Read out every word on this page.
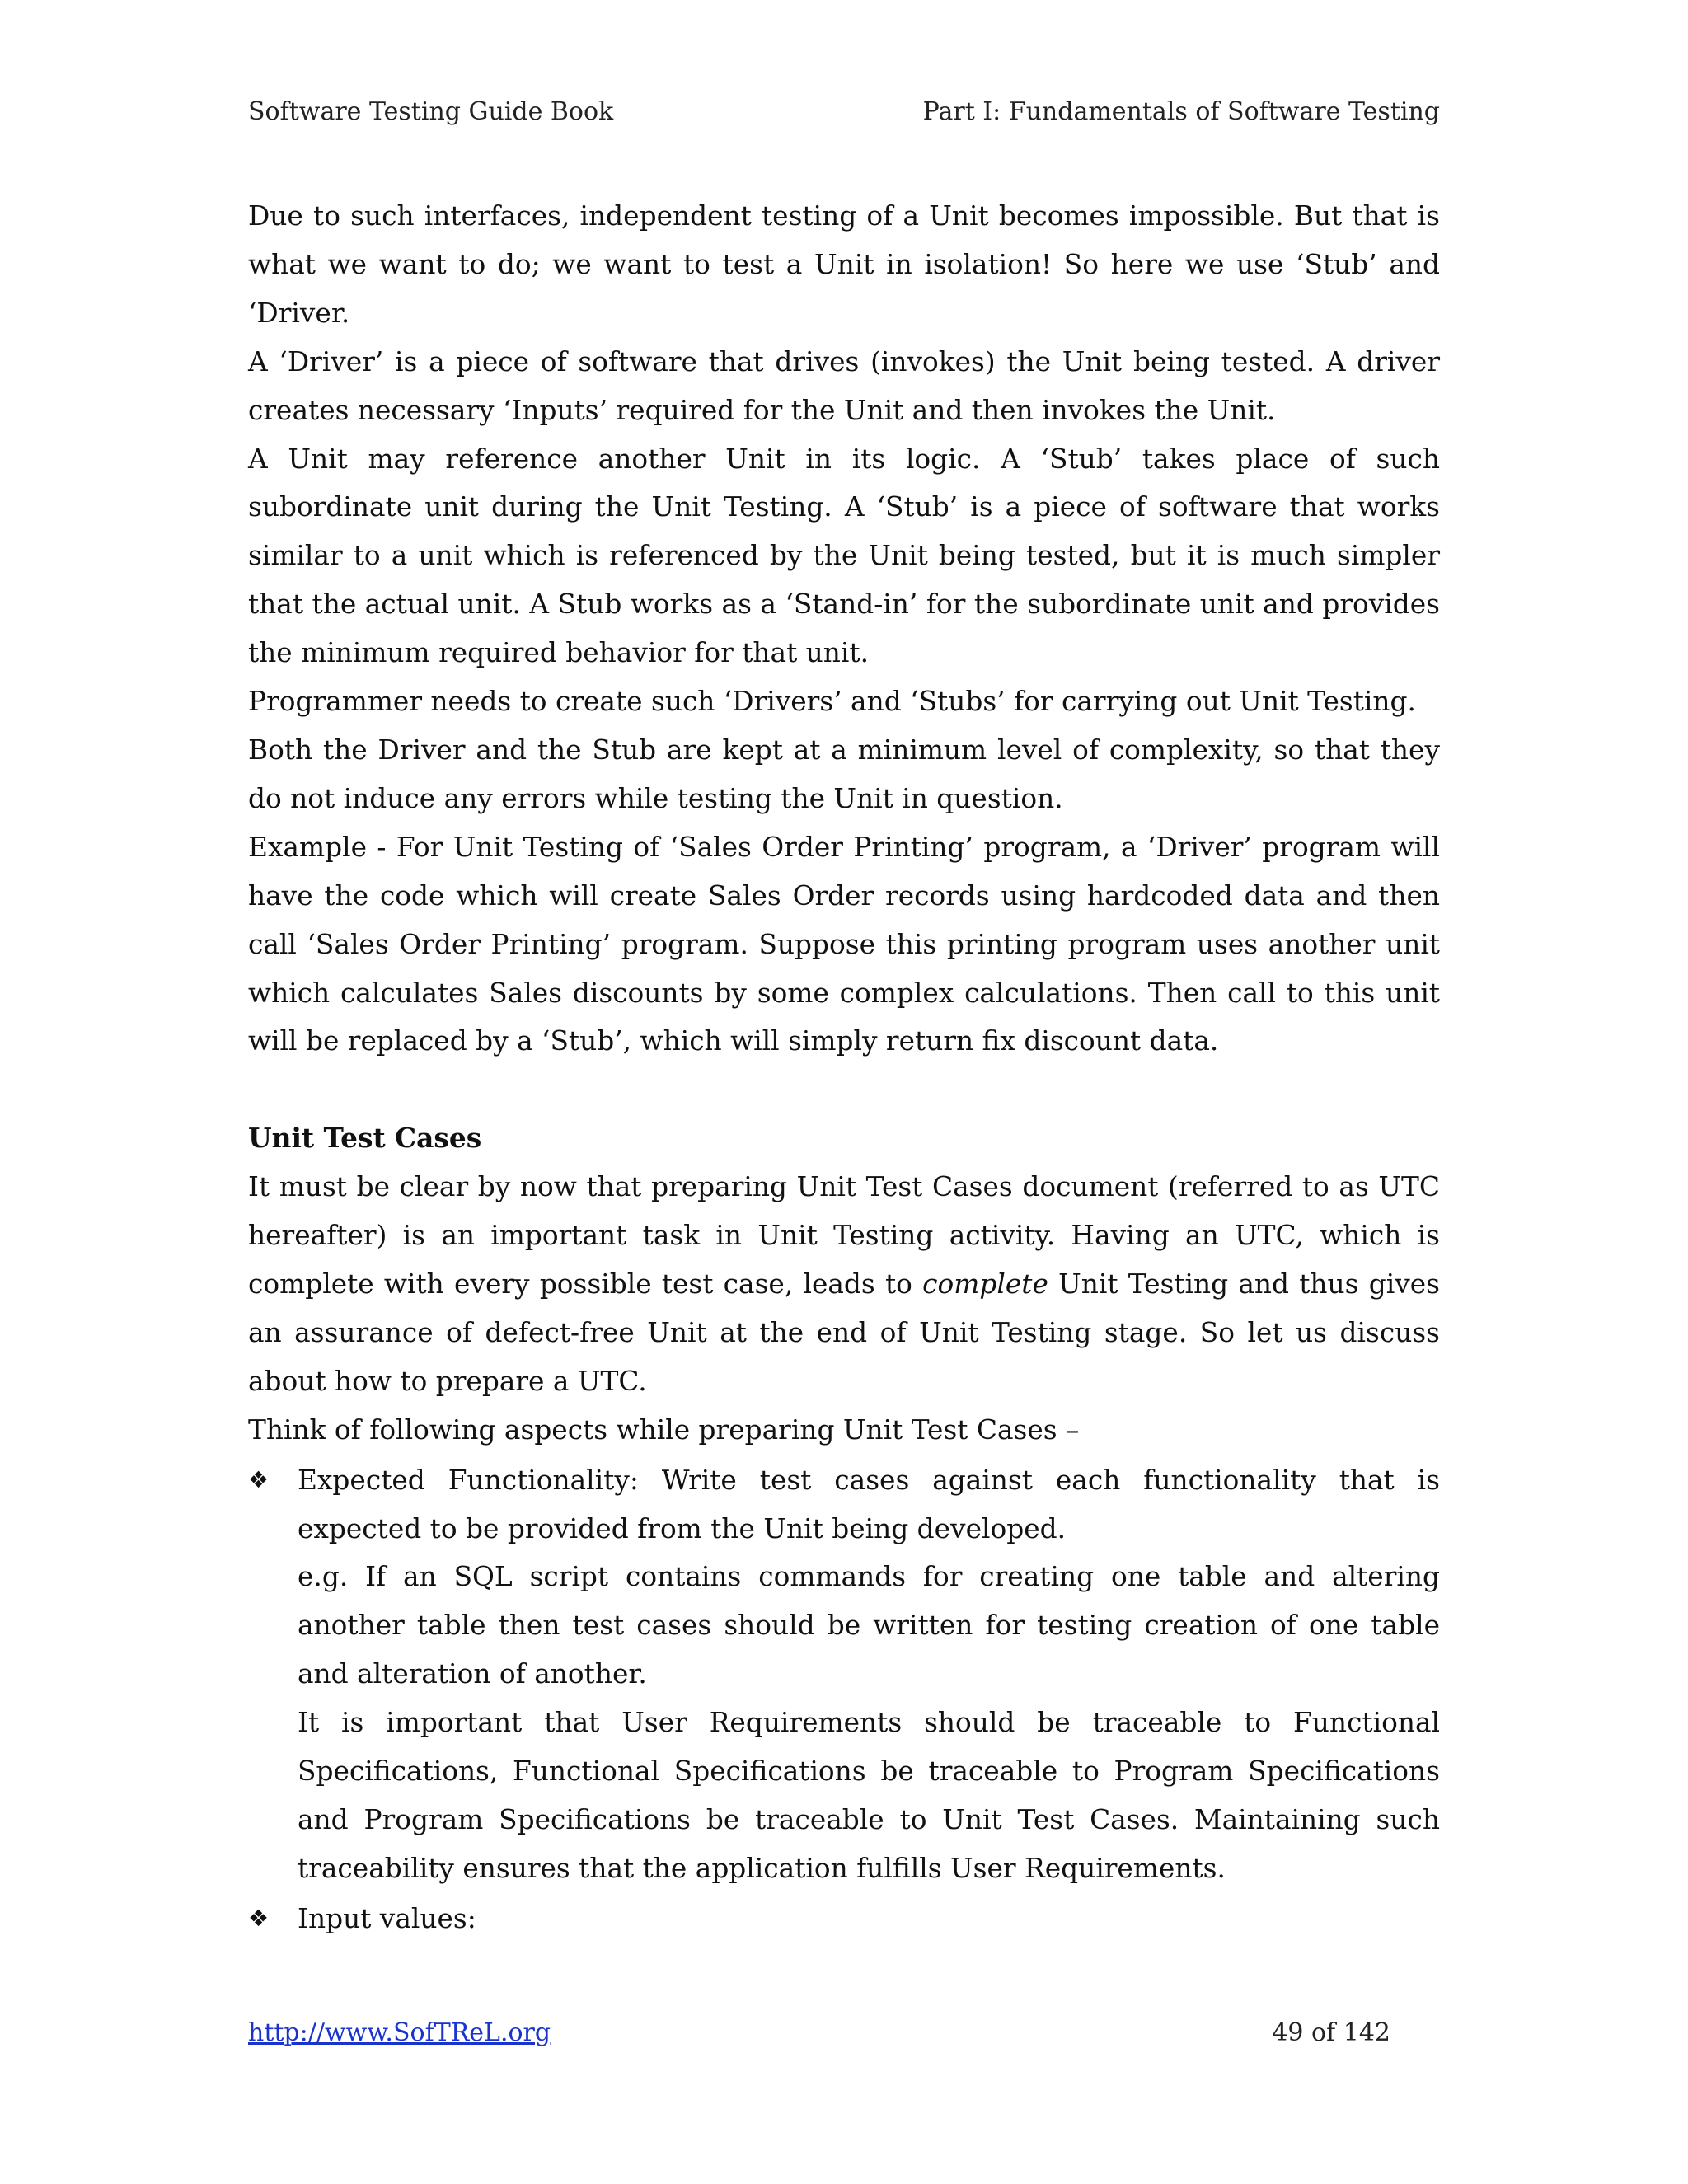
Software Testing Guide Book	Part I: Fundamentals of Software Testing

Due to such interfaces, independent testing of a Unit becomes impossible. But that is what we want to do; we want to test a Unit in isolation! So here we use ‘Stub’ and ‘Driver.

A ‘Driver’ is a piece of software that drives (invokes) the Unit being tested. A driver creates necessary ‘Inputs’ required for the Unit and then invokes the Unit.

A Unit may reference another Unit in its logic. A ‘Stub’ takes place of such subordinate unit during the Unit Testing. A ‘Stub’ is a piece of software that works similar to a unit which is referenced by the Unit being tested, but it is much simpler that the actual unit. A Stub works as a ‘Stand-in’ for the subordinate unit and provides the minimum required behavior for that unit.

Programmer needs to create such ‘Drivers’ and ‘Stubs’ for carrying out Unit Testing.

Both the Driver and the Stub are kept at a minimum level of complexity, so that they do not induce any errors while testing the Unit in question.

Example - For Unit Testing of ‘Sales Order Printing’ program, a ‘Driver’ program will have the code which will create Sales Order records using hardcoded data and then call ‘Sales Order Printing’ program. Suppose this printing program uses another unit which calculates Sales discounts by some complex calculations. Then call to this unit will be replaced by a ‘Stub’, which will simply return fix discount data.

Unit Test Cases

It must be clear by now that preparing Unit Test Cases document (referred to as UTC hereafter) is an important task in Unit Testing activity. Having an UTC, which is complete with every possible test case, leads to complete Unit Testing and thus gives an assurance of defect-free Unit at the end of Unit Testing stage. So let us discuss about how to prepare a UTC.

Think of following aspects while preparing Unit Test Cases –

❖ Expected Functionality: Write test cases against each functionality that is expected to be provided from the Unit being developed.

e.g. If an SQL script contains commands for creating one table and altering another table then test cases should be written for testing creation of one table and alteration of another.

It is important that User Requirements should be traceable to Functional Specifications, Functional Specifications be traceable to Program Specifications and Program Specifications be traceable to Unit Test Cases. Maintaining such traceability ensures that the application fulfills User Requirements.

❖ Input values:

http://www.SofTReL.org	49 of 142
